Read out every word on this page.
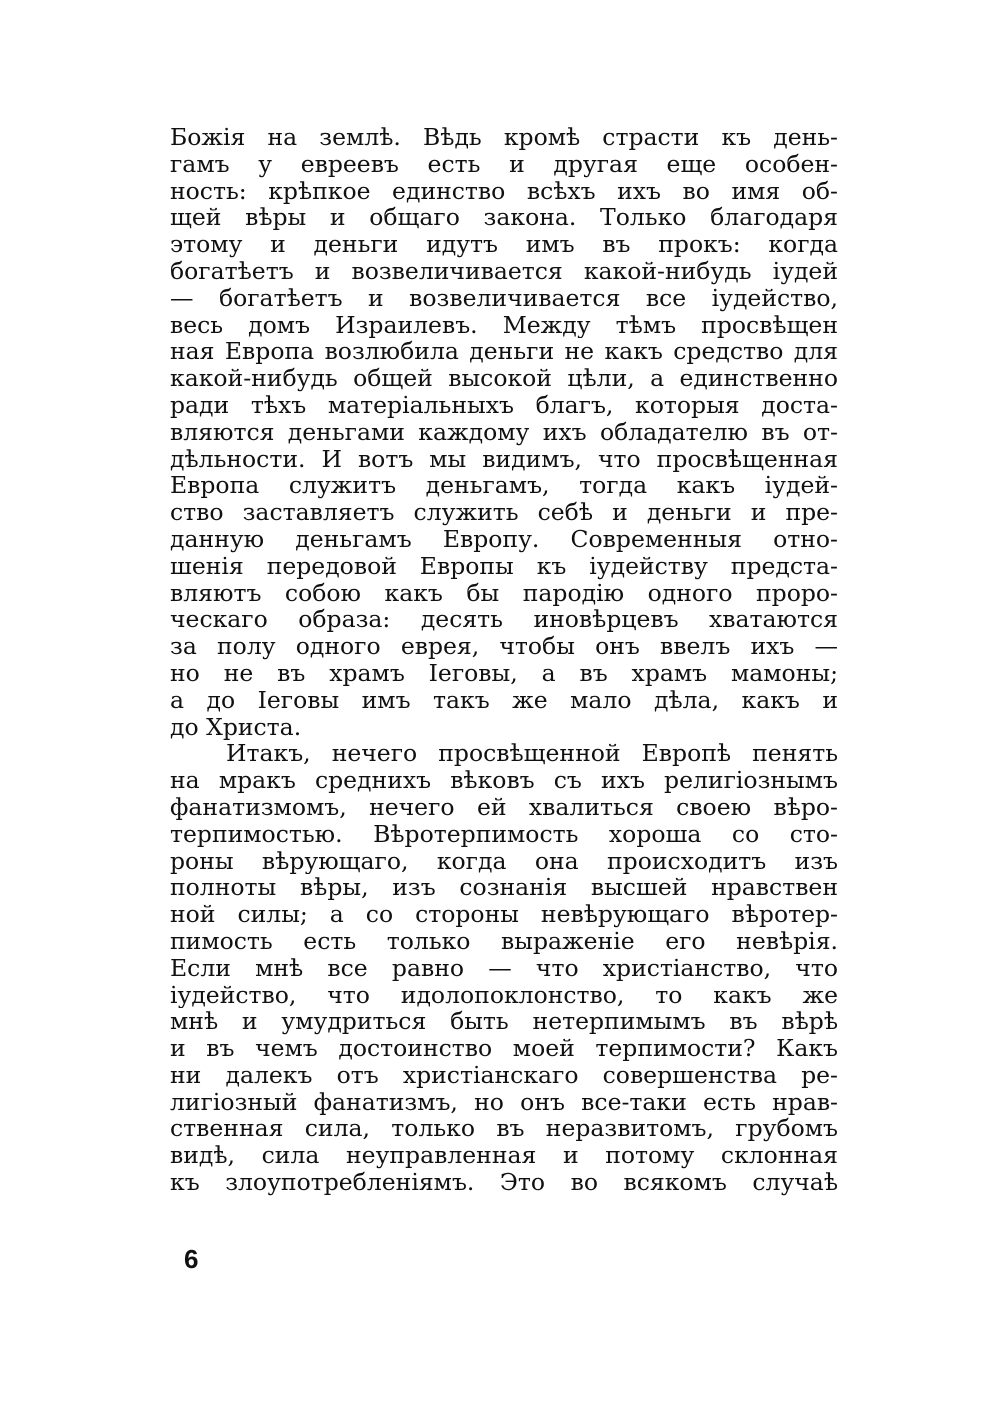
Божія на землѣ. Вѣдь кромѣ страсти къ день-
гамъ у евреевъ есть и другая еще особен-
ность: крѣпкое единство всѣхъ ихъ во имя об-
щей вѣры и общаго закона. Только благодаря
этому и деньги идутъ имъ въ прокъ: когда
богатѣетъ и возвеличивается какой-нибудь іудей
— богатѣетъ и возвеличивается все іудейство,
весь домъ Израилевъ. Между тѣмъ просвѣщен
ная Европа возлюбила деньги не какъ средство для
какой-нибудь общей высокой цѣли, а единственно
ради тѣхъ матеріальныхъ благъ, которыя доста-
вляются деньгами каждому ихъ обладателю въ от-
дѣльности. И вотъ мы видимъ, что просвѣщенная
Европа служитъ деньгамъ, тогда какъ іудей-
ство заставляетъ служить себѣ и деньги и пре-
данную деньгамъ Европу. Современныя отно-
шенія передовой Европы къ іудейству предста-
вляютъ собою какъ бы пародію одного проро-
ческаго образа: десять иновѣрцевъ хватаются
за полу одного еврея, чтобы онъ ввелъ ихъ —
но не въ храмъ Іеговы, а въ храмъ мамоны;
а до Іеговы имъ такъ же мало дѣла, какъ и
до Христа.
Итакъ, нечего просвѣщенной Европѣ пенять
на мракъ среднихъ вѣковъ съ ихъ религіознымъ
фанатизмомъ, нечего ей хвалиться своею вѣро-
терпимостью. Вѣротерпимость хороша со сто-
роны вѣрующаго, когда она происходитъ изъ
полноты вѣры, изъ сознанія высшей нравствен
ной силы; а со стороны невѣрующаго вѣротер-
пимость есть только выраженіе его невѣрія.
Если мнѣ все равно — что христіанство, что
іудейство, что идолопоклонство, то какъ же
мнѣ и умудриться быть нетерпимымъ въ вѣрѣ
и въ чемъ достоинство моей терпимости? Какъ
ни далекъ отъ христіанскаго совершенства ре-
лигіозный фанатизмъ, но онъ все-таки есть нрав-
ственная сила, только въ неразвитомъ, грубомъ
видѣ, сила неуправленная и потому склонная
къ злоупотребленіямъ. Это во всякомъ случаѣ
6
